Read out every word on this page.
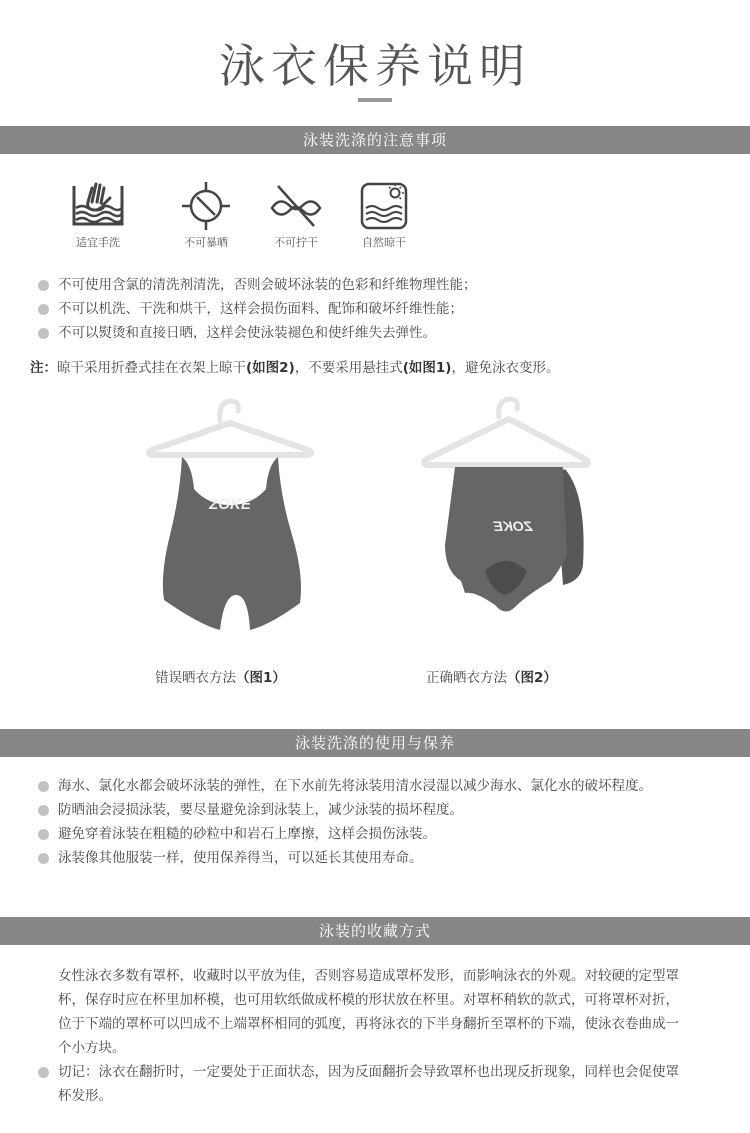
泳衣保养说明
泳装洗涤的注意事项
适宜手洗	不可暴晒	不可拧干	自然晾干
不可使用含氯的清洗剂清洗，否则会破坏泳装的色彩和纤维物理性能；
不可以机洗、干洗和烘干，这样会损伤面料、配饰和破坏纤维性能；
不可以熨烫和直接日晒，这样会使泳装褪色和使纤维失去弹性。
注：晾干采用折叠式挂在衣架上晾干(如图2)，不要采用悬挂式(如图1)，避免泳衣变形。
ZOKE
错误晒衣方法（图1）
ZOKE
正确晒衣方法（图2）
泳装洗涤的使用与保养
海水、氯化水都会破坏泳装的弹性，在下水前先将泳装用清水浸湿以减少海水、氯化水的破坏程度。
防晒油会浸损泳装，要尽量避免涂到泳装上，减少泳装的损坏程度。
避免穿着泳装在粗糙的砂粒中和岩石上摩擦，这样会损伤泳装。
泳装像其他服装一样，使用保养得当，可以延长其使用寿命。
泳装的收藏方式
女性泳衣多数有罩杯，收藏时以平放为佳，否则容易造成罩杯发形，而影响泳衣的外观。对较硬的定型罩杯，保存时应在杯里加杯模，也可用软纸做成杯模的形状放在杯里。对罩杯稍软的款式，可将罩杯对折，位于下端的罩杯可以凹成不上端罩杯相同的弧度，再将泳衣的下半身翻折至罩杯的下端，使泳衣卷曲成一个小方块。
切记：泳衣在翻折时，一定要处于正面状态，因为反面翻折会导致罩杯也出现反折现象，同样也会促使罩杯发形。
